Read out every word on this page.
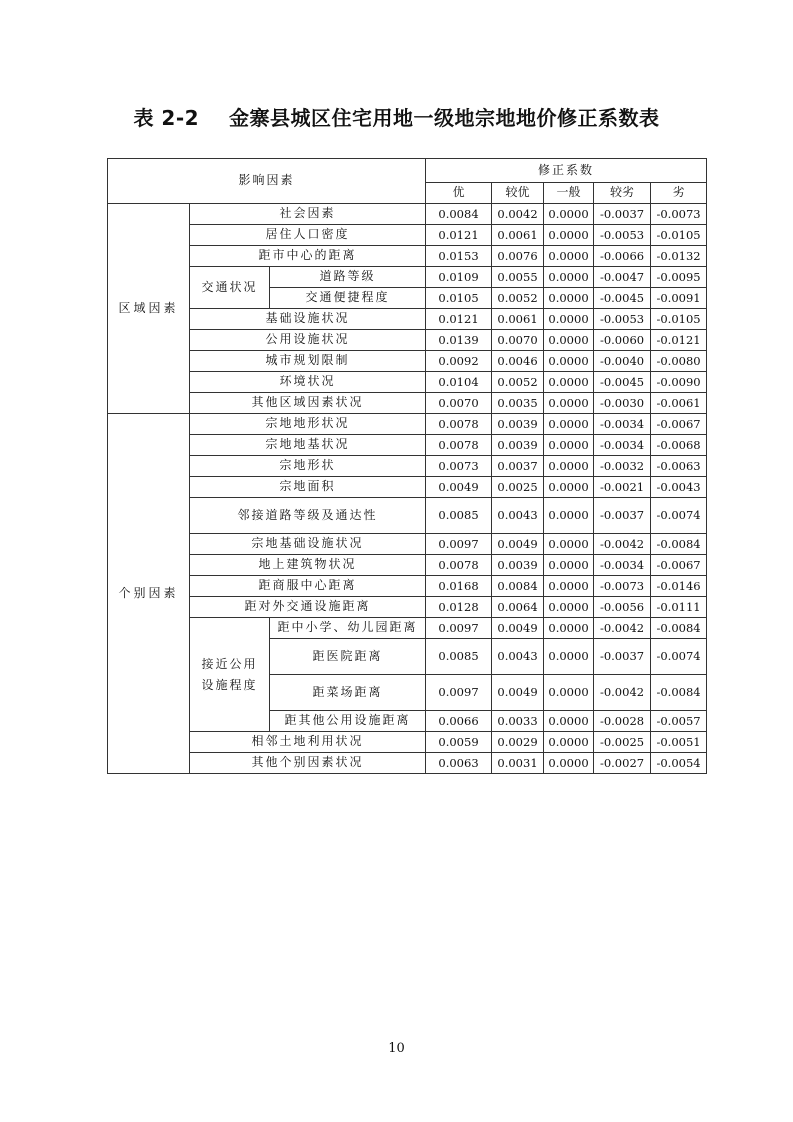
表 2-2 金寨县城区住宅用地一级地宗地地价修正系数表
影响因素			修正系数				
			优	较优	一般	较劣	劣
区域因素	社会因素		0.0084	0.0042	0.0000	-0.0037	-0.0073
	居住人口密度		0.0121	0.0061	0.0000	-0.0053	-0.0105
	距市中心的距离		0.0153	0.0076	0.0000	-0.0066	-0.0132
	交通状况	道路等级	0.0109	0.0055	0.0000	-0.0047	-0.0095
		交通便捷程度	0.0105	0.0052	0.0000	-0.0045	-0.0091
	基础设施状况		0.0121	0.0061	0.0000	-0.0053	-0.0105
	公用设施状况		0.0139	0.0070	0.0000	-0.0060	-0.0121
	城市规划限制		0.0092	0.0046	0.0000	-0.0040	-0.0080
	环境状况		0.0104	0.0052	0.0000	-0.0045	-0.0090
	其他区域因素状况		0.0070	0.0035	0.0000	-0.0030	-0.0061
个别因素	宗地地形状况		0.0078	0.0039	0.0000	-0.0034	-0.0067
	宗地地基状况		0.0078	0.0039	0.0000	-0.0034	-0.0068
	宗地形状		0.0073	0.0037	0.0000	-0.0032	-0.0063
	宗地面积		0.0049	0.0025	0.0000	-0.0021	-0.0043
	邻接道路等级及通达性		0.0085	0.0043	0.0000	-0.0037	-0.0074
	宗地基础设施状况		0.0097	0.0049	0.0000	-0.0042	-0.0084
	地上建筑物状况		0.0078	0.0039	0.0000	-0.0034	-0.0067
	距商服中心距离		0.0168	0.0084	0.0000	-0.0073	-0.0146
	距对外交通设施距离		0.0128	0.0064	0.0000	-0.0056	-0.0111
	接近公用设施程度	距中小学、幼儿园距离	0.0097	0.0049	0.0000	-0.0042	-0.0084
		距医院距离	0.0085	0.0043	0.0000	-0.0037	-0.0074
		距菜场距离	0.0097	0.0049	0.0000	-0.0042	-0.0084
		距其他公用设施距离	0.0066	0.0033	0.0000	-0.0028	-0.0057
	相邻土地利用状况		0.0059	0.0029	0.0000	-0.0025	-0.0051
	其他个别因素状况		0.0063	0.0031	0.0000	-0.0027	-0.0054
10
